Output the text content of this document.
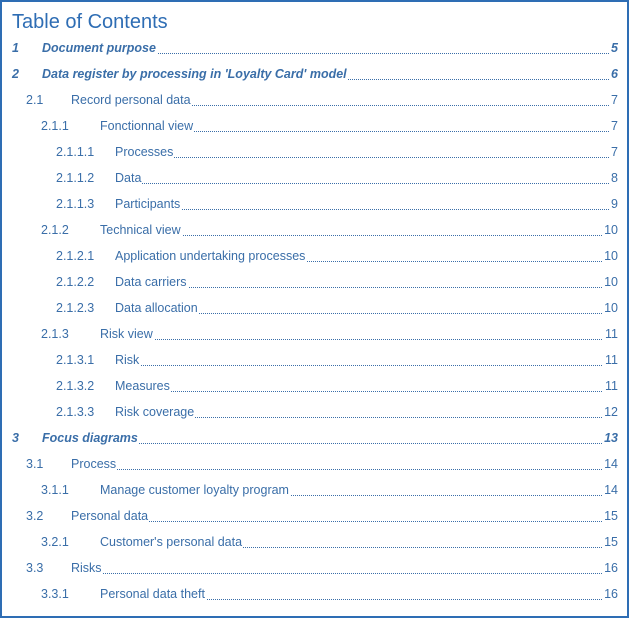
Table of Contents
1 Document purpose	5
2 Data register by processing in 'Loyalty Card' model	6
2.1 Record personal data	7
2.1.1 Fonctionnal view	7
2.1.1.1 Processes	7
2.1.1.2 Data	8
2.1.1.3 Participants	9
2.1.2 Technical view	10
2.1.2.1 Application undertaking processes	10
2.1.2.2 Data carriers	10
2.1.2.3 Data allocation	10
2.1.3 Risk view	11
2.1.3.1 Risk	11
2.1.3.2 Measures	11
2.1.3.3 Risk coverage	12
3 Focus diagrams	13
3.1 Process	14
3.1.1 Manage customer loyalty program	14
3.2 Personal data	15
3.2.1 Customer's personal data	15
3.3 Risks	16
3.3.1 Personal data theft	16
